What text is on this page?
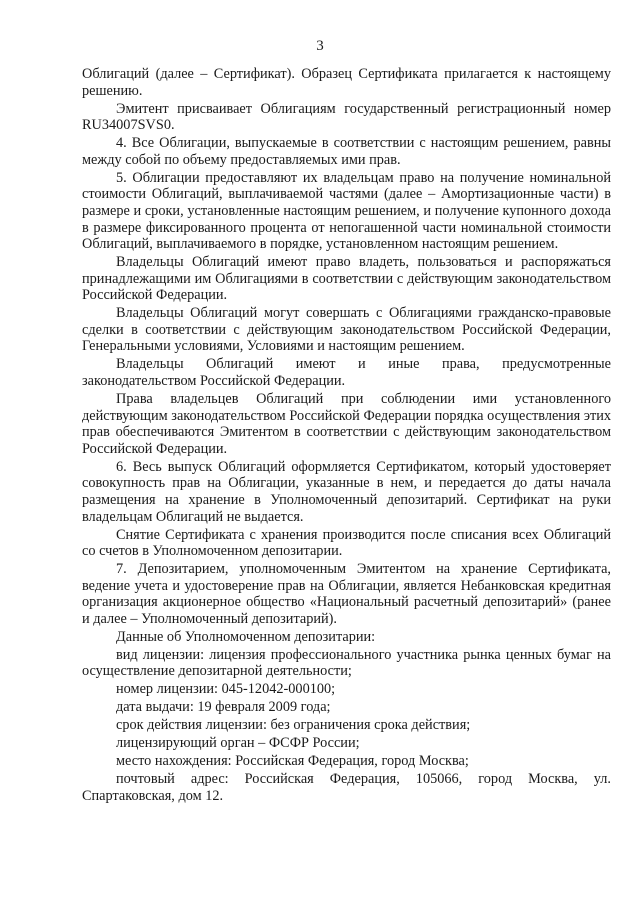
3

Облигаций (далее – Сертификат). Образец Сертификата прилагается к настоящему решению.

Эмитент присваивает Облигациям государственный регистрационный номер RU34007SVS0.

4. Все Облигации, выпускаемые в соответствии с настоящим решением, равны между собой по объему предоставляемых ими прав.

5. Облигации предоставляют их владельцам право на получение номинальной стоимости Облигаций, выплачиваемой частями (далее – Амортизационные части) в размере и сроки, установленные настоящим решением, и получение купонного дохода в размере фиксированного процента от непогашенной части номинальной стоимости Облигаций, выплачиваемого в порядке, установленном настоящим решением.

Владельцы Облигаций имеют право владеть, пользоваться и распоряжаться принадлежащими им Облигациями в соответствии с действующим законодательством Российской Федерации.

Владельцы Облигаций могут совершать с Облигациями гражданско-правовые сделки в соответствии с действующим законодательством Российской Федерации, Генеральными условиями, Условиями и настоящим решением.

Владельцы Облигаций имеют и иные права, предусмотренные законодательством Российской Федерации.

Права владельцев Облигаций при соблюдении ими установленного действующим законодательством Российской Федерации порядка осуществления этих прав обеспечиваются Эмитентом в соответствии с действующим законодательством Российской Федерации.

6. Весь выпуск Облигаций оформляется Сертификатом, который удостоверяет совокупность прав на Облигации, указанные в нем, и передается до даты начала размещения на хранение в Уполномоченный депозитарий. Сертификат на руки владельцам Облигаций не выдается.

Снятие Сертификата с хранения производится после списания всех Облигаций со счетов в Уполномоченном депозитарии.

7. Депозитарием, уполномоченным Эмитентом на хранение Сертификата, ведение учета и удостоверение прав на Облигации, является Небанковская кредитная организация акционерное общество «Национальный расчетный депозитарий» (ранее и далее – Уполномоченный депозитарий).

Данные об Уполномоченном депозитарии:

вид лицензии: лицензия профессионального участника рынка ценных бумаг на осуществление депозитарной деятельности;

номер лицензии: 045-12042-000100;

дата выдачи: 19 февраля 2009 года;

срок действия лицензии: без ограничения срока действия;

лицензирующий орган – ФСФР России;

место нахождения: Российская Федерация, город Москва;

почтовый адрес: Российская Федерация, 105066, город Москва, ул. Спартаковская, дом 12.
